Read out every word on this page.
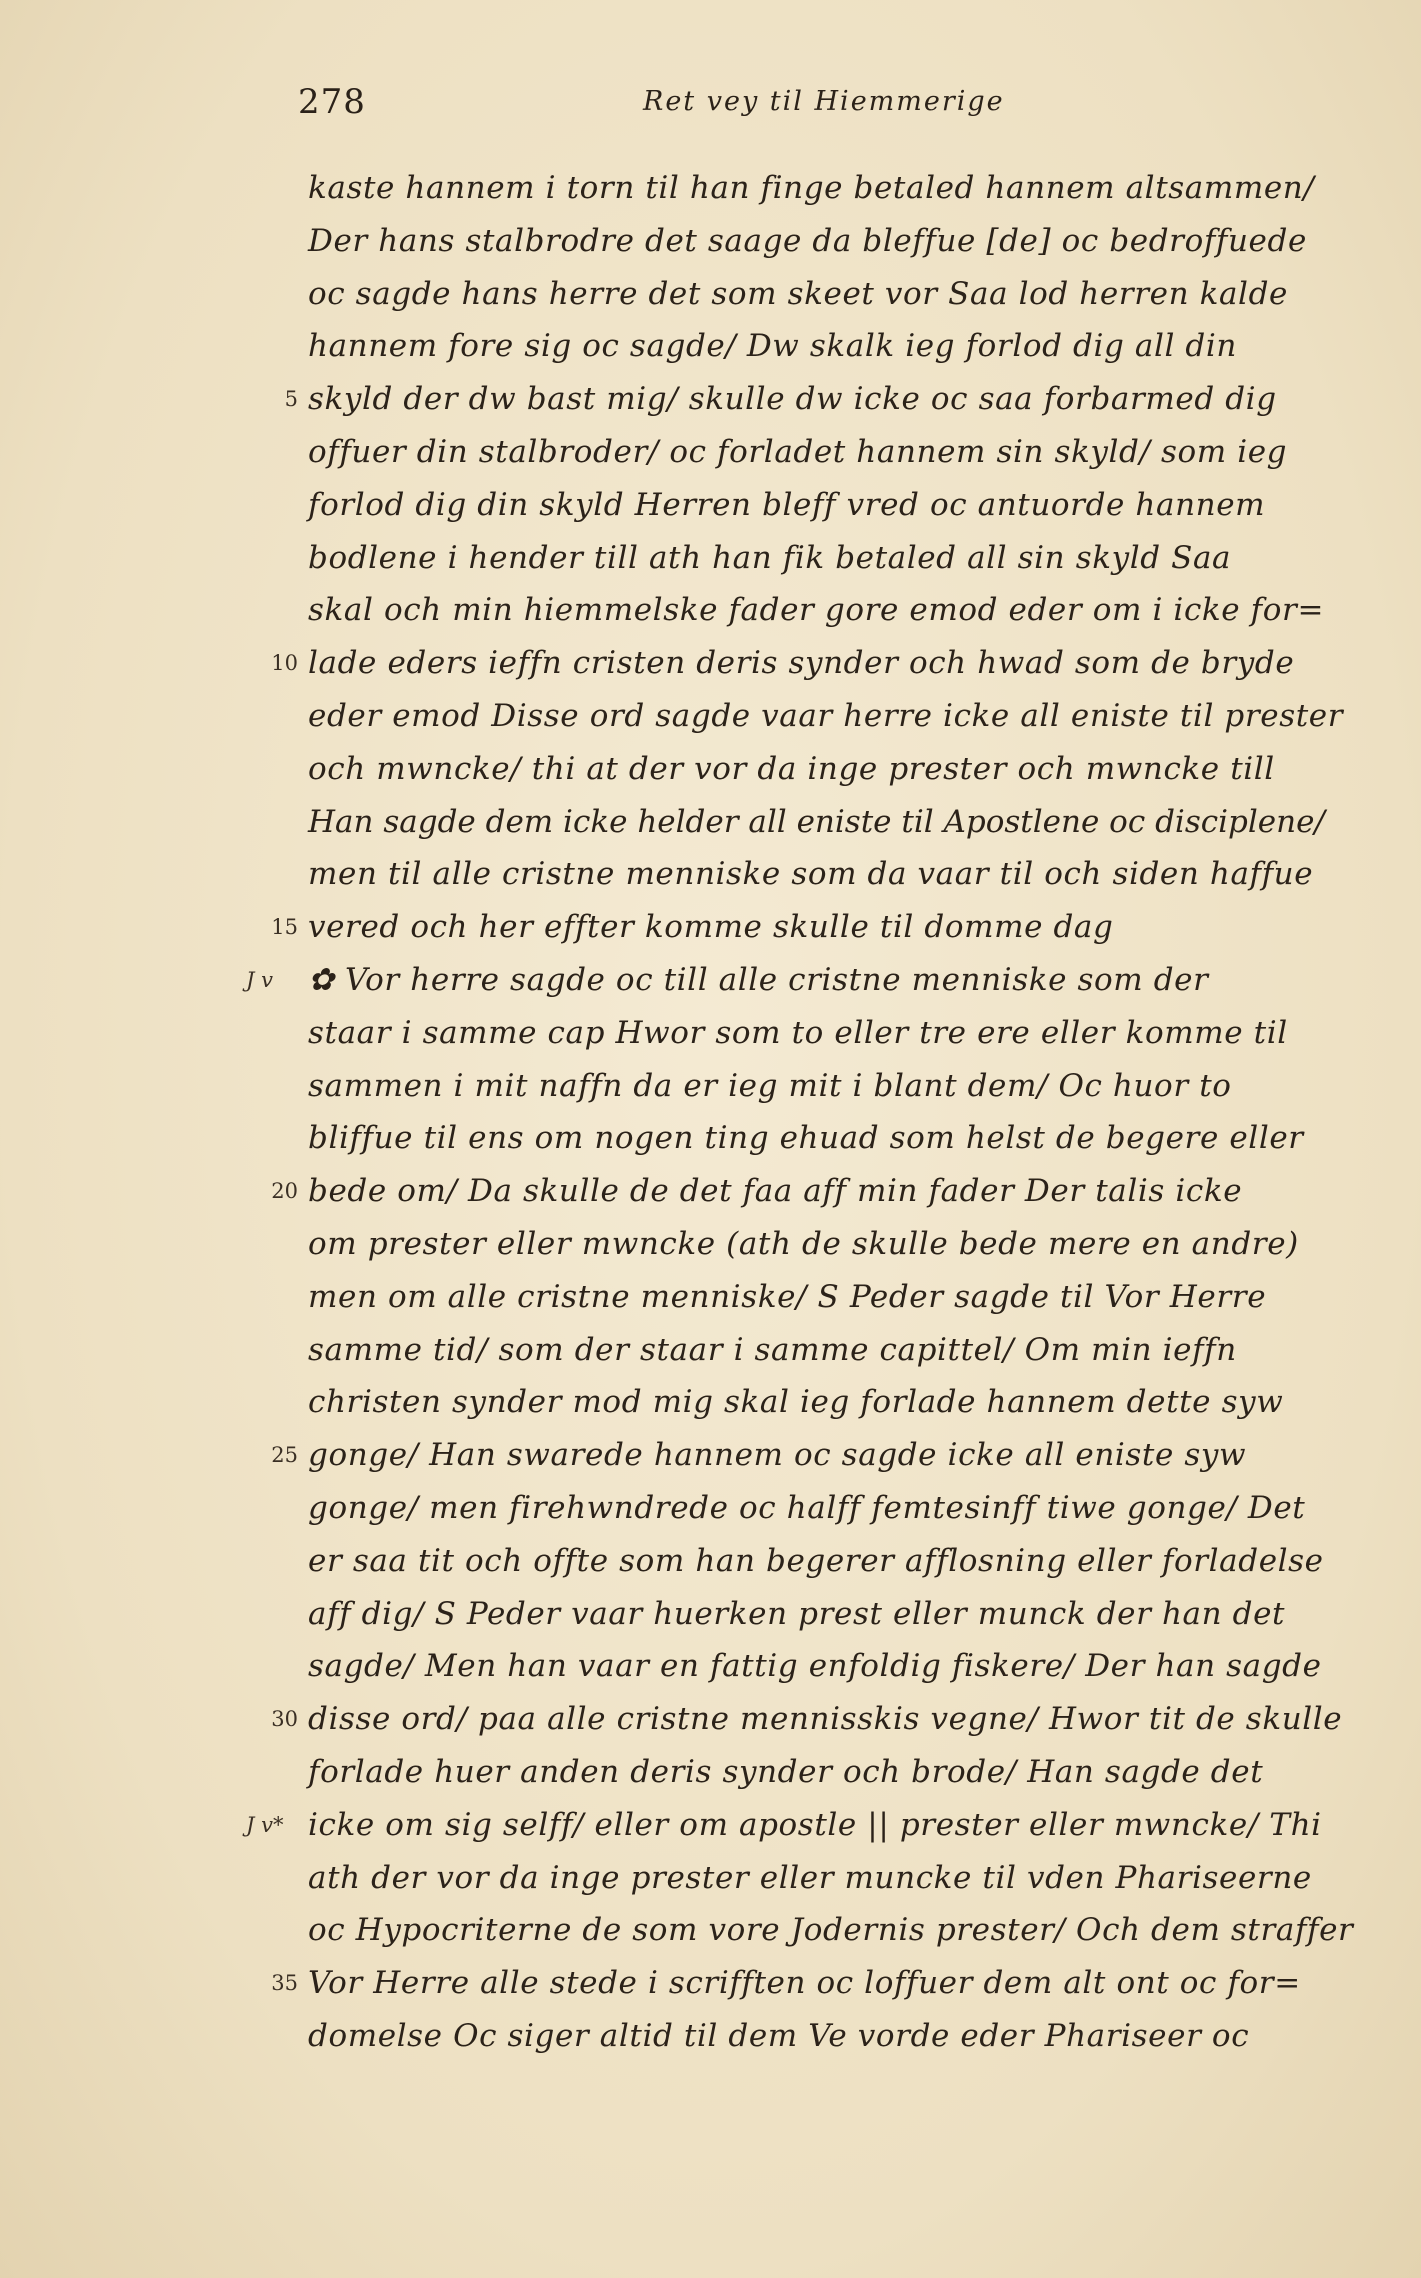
278	Ret vey til Hiemmerige
kaste hannem i torn til han finge betaled hannem altsammen/
Der hans stalbrodre det saage da bleffue [de] oc bedroffuede
oc sagde hans herre det som skeet vor Saa lod herren kalde
hannem fore sig oc sagde/ Dw skalk ieg forlod dig all din
5 skyld der dw bast mig/ skulle dw icke oc saa forbarmed dig
offuer din stalbroder/ oc forladet hannem sin skyld/ som ieg
forlod dig din skyld Herren bleff vred oc antuorde hannem
bodlene i hender till ath han fik betaled all sin skyld Saa
skal och min hiemmelske fader gore emod eder om i icke for=
10 lade eders ieffn cristen deris synder och hwad som de bryde
eder emod Disse ord sagde vaar herre icke all eniste til prester
och mwncke/ thi at der vor da inge prester och mwncke till
Han sagde dem icke helder all eniste til Apostlene oc disciplene/
men til alle cristne menniske som da vaar til och siden haffue
15 vered och her effter komme skulle til domme dag
J v ✿ Vor herre sagde oc till alle cristne menniske som der
staar i samme cap Hwor som to eller tre ere eller komme til
sammen i mit naffn da er ieg mit i blant dem/ Oc huor to
bliffue til ens om nogen ting ehuad som helst de begere eller
20 bede om/ Da skulle de det faa aff min fader Der talis icke
om prester eller mwncke (ath de skulle bede mere en andre)
men om alle cristne menniske/ S Peder sagde til Vor Herre
samme tid/ som der staar i samme capittel/ Om min ieffn
christen synder mod mig skal ieg forlade hannem dette syw
25 gonge/ Han swarede hannem oc sagde icke all eniste syw
gonge/ men firehwndrede oc halff femtesinff tiwe gonge/ Det
er saa tit och offte som han begerer afflosning eller forladelse
aff dig/ S Peder vaar huerken prest eller munck der han det
sagde/ Men han vaar en fattig enfoldig fiskere/ Der han sagde
30 disse ord/ paa alle cristne mennisskis vegne/ Hwor tit de skulle
forlade huer anden deris synder och brode/ Han sagde det
J v* icke om sig selff/ eller om apostle || prester eller mwncke/ Thi
ath der vor da inge prester eller muncke til vden Phariseerne
oc Hypocriterne de som vore Jodernis prester/ Och dem straffer
35 Vor Herre alle stede i scrifften oc loffuer dem alt ont oc for=
domelse Oc siger altid til dem Ve vorde eder Phariseer oc
